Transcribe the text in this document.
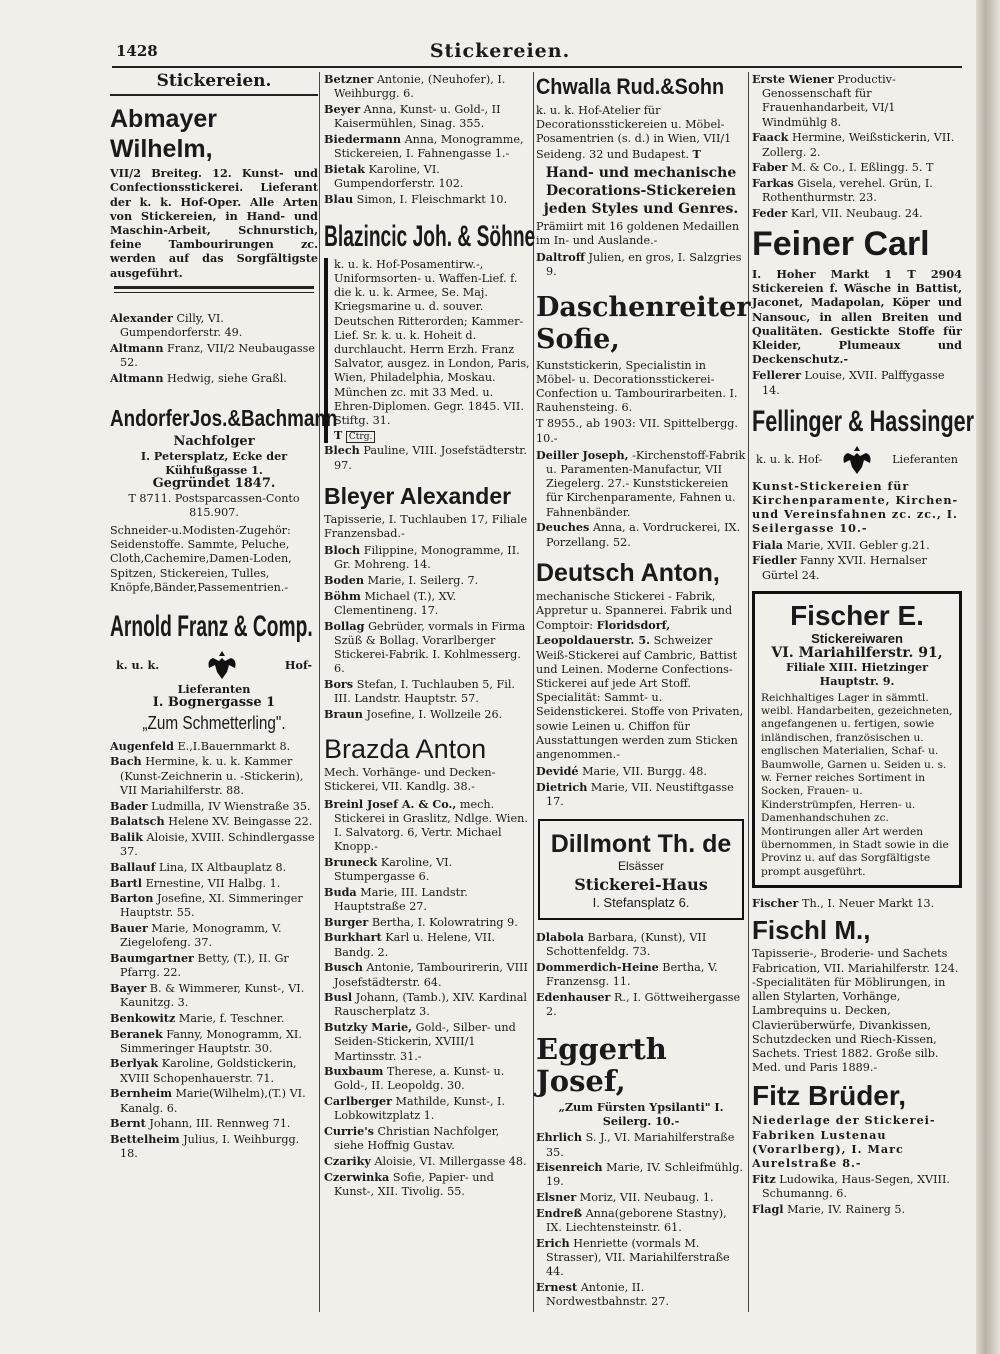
1428	Stickereien.
Stickereien.
Abmayer Wilhelm,
VII/2 Breiteg. 12. Kunst- und Confectionsstickerei. Lieferant der k. k. Hof-Oper. Alle Arten von Stickereien, in Hand- und Maschin-Arbeit, Schnurstich, feine Tambourirungen zc. werden auf das Sorgfältigste ausgeführt.
Alexander Cilly, VI. Gumpendorferstr. 49.
Altmann Franz, VII/2 Neubaugasse 52.
Altmann Hedwig, siehe Graßl.
AndorferJos.&Bachmann
Nachfolger
I. Petersplatz, Ecke der Kühfußgasse 1.
Gegründet 1847.
T 8711. Postsparcassen-Conto 815.907.
Schneider-u.Modisten-Zugehör: Seidenstoffe. Sammte, Peluche, Cloth,Cachemire,Damen-Loden, Spitzen, Stickereien, Tulles, Knöpfe,Bänder,Passementrien.-
Arnold Franz & Comp.
k. u. k.	Hof-
Lieferanten
I. Bognergasse 1
„Zum Schmetterling".
Augenfeld E.,I.Bauernmarkt 8.
Bach Hermine, k. u. k. Kammer (Kunst-Zeichnerin u. -Stickerin), VII Mariahilferstr. 88.
Bader Ludmilla, IV Wienstraße 35.
Balatsch Helene XV. Beingasse 22.
Balik Aloisie, XVIII. Schindlergasse 37.
Ballauf Lina, IX Altbauplatz 8.
Bartl Ernestine, VII Halbg. 1.
Barton Josefine, XI. Simmeringer Hauptstr. 55.
Bauer Marie, Monogramm, V. Ziegelofeng. 37.
Baumgartner Betty, (T.), II. Gr Pfarrg. 22.
Bayer B. & Wimmerer, Kunst-, VI. Kaunitzg. 3.
Benkowitz Marie, f. Teschner.
Beranek Fanny, Monogramm, XI. Simmeringer Hauptstr. 30.
Berlyak Karoline, Goldstickerin, XVIII Schopenhauerstr. 71.
Bernheim Marie(Wilhelm),(T.) VI. Kanalg. 6.
Bernt Johann, III. Rennweg 71.
Bettelheim Julius, I. Weihburgg. 18.
Betzner Antonie, (Neuhofer), I. Weihburgg. 6.
Beyer Anna, Kunst- u. Gold-, II Kaisermühlen, Sinag. 355.
Biedermann Anna, Monogramme, Stickereien, I. Fahnengasse 1.-
Bietak Karoline, VI. Gumpendorferstr. 102.
Blau Simon, I. Fleischmarkt 10.
Blazincic Joh. & Söhne
k. u. k. Hof-Posamentirw.-, Uniformsorten- u. Waffen-Lief. f. die k. u. k. Armee, Se. Maj. Kriegsmarine u. d. souver. Deutschen Ritterorden; Kammer-Lief. Sr. k. u. k. Hoheit d. durchlaucht. Herrn Erzh. Franz Salvator, ausgez. in London, Paris, Wien, Philadelphia, Moskau. München zc. mit 33 Med. u. Ehren-Diplomen. Gegr. 1845. VII. Stiftg. 31.
T Ctrg.
Blech Pauline, VIII. Josefstädterstr. 97.
Bleyer Alexander
Tapisserie, I. Tuchlauben 17, Filiale Franzensbad.-
Bloch Filippine, Monogramme, II. Gr. Mohreng. 14.
Boden Marie, I. Seilerg. 7.
Böhm Michael (T.), XV. Clementineng. 17.
Bollag Gebrüder, vormals in Firma Szüß & Bollag. Vorarlberger Stickerei-Fabrik. I. Kohlmesserg. 6.
Bors Stefan, I. Tuchlauben 5, Fil. III. Landstr. Hauptstr. 57.
Braun Josefine, I. Wollzeile 26.
Brazda Anton
Mech. Vorhänge- und Decken-Stickerei, VII. Kandlg. 38.-
Breinl Josef A. & Co., mech. Stickerei in Graslitz, Ndlge. Wien. I. Salvatorg. 6, Vertr. Michael Knopp.-
Bruneck Karoline, VI. Stumpergasse 6.
Buda Marie, III. Landstr. Hauptstraße 27.
Burger Bertha, I. Kolowratring 9.
Burkhart Karl u. Helene, VII. Bandg. 2.
Busch Antonie, Tambourirerin, VIII Josefstädterstr. 64.
Busl Johann, (Tamb.), XIV. Kardinal Rauscherplatz 3.
Butzky Marie, Gold-, Silber- und Seiden-Stickerin, XVIII/1 Martinsstr. 31.-
Buxbaum Therese, a. Kunst- u. Gold-, II. Leopoldg. 30.
Carlberger Mathilde, Kunst-, I. Lobkowitzplatz 1.
Currie's Christian Nachfolger, siehe Hoffnig Gustav.
Czariky Aloisie, VI. Millergasse 48.
Czerwinka Sofie, Papier- und Kunst-, XII. Tivolig. 55.
Chwalla Rud.&Sohn
k. u. k. Hof-Atelier für Decorationsstickereien u. Möbel-Posamentrien (s. d.) in Wien, VII/1 Seideng. 32 und Budapest. T
Hand- und mechanische Decorations-Stickereien jeden Styles und Genres.
Prämiirt mit 16 goldenen Medaillen im In- und Auslande.-
Daltroff Julien, en gros, I. Salzgries 9.
Daschenreiter Sofie,
Kunststickerin, Specialistin in Möbel- u. Decorationsstickerei-Confection u. Tambourirarbeiten. I. Rauhensteing. 6.
T 8955., ab 1903: VII. Spittelbergg. 10.-
Deiller Joseph, -Kirchenstoff-Fabrik u. Paramenten-Manufactur, VII Ziegelerg. 27.- Kunststickereien für Kirchenparamente, Fahnen u. Fahnenbänder.
Deuches Anna, a. Vordruckerei, IX. Porzellang. 52.
Deutsch Anton,
mechanische Stickerei - Fabrik, Appretur u. Spannerei. Fabrik und Comptoir: Floridsdorf, Leopoldauerstr. 5. Schweizer Weiß-Stickerei auf Cambric, Battist und Leinen. Moderne Confections-Stickerei auf jede Art Stoff. Specialität: Sammt- u. Seidenstickerei. Stoffe von Privaten, sowie Leinen u. Chiffon für Ausstattungen werden zum Sticken angenommen.-
Devidé Marie, VII. Burgg. 48.
Dietrich Marie, VII. Neustiftgasse 17.
Dillmont Th. de
Elsässer
Stickerei-Haus
I. Stefansplatz 6.
Dlabola Barbara, (Kunst), VII Schottenfeldg. 73.
Dommerdich-Heine Bertha, V. Franzensg. 11.
Edenhauser R., I. Göttweihergasse 2.
Eggerth Josef,
„Zum Fürsten Ypsilanti" I. Seilerg. 10.-
Ehrlich S. J., VI. Mariahilferstraße 35.
Eisenreich Marie, IV. Schleifmühlg. 19.
Elsner Moriz, VII. Neubaug. 1.
Endreß Anna(geborene Stastny), IX. Liechtensteinstr. 61.
Erich Henriette (vormals M. Strasser), VII. Mariahilferstraße 44.
Ernest Antonie, II. Nordwestbahnstr. 27.
Erste Wiener Productiv-Genossenschaft für Frauenhandarbeit, VI/1 Windmühlg 8.
Faack Hermine, Weißstickerin, VII. Zollerg. 2.
Faber M. & Co., I. Eßlingg. 5. T
Farkas Gisela, verehel. Grün, I. Rothenthurmstr. 23.
Feder Karl, VII. Neubaug. 24.
Feiner Carl
I. Hoher Markt 1 T 2904 Stickereien f. Wäsche in Battist, Jaconet, Madapolan, Köper und Nansouc, in allen Breiten und Qualitäten. Gestickte Stoffe für Kleider, Plumeaux und Deckenschutz.-
Fellerer Louise, XVII. Palffygasse 14.
Fellinger & Hassinger
k. u. k. Hof-	Lieferanten
Kunst-Stickereien für Kirchenparamente, Kirchen- und Vereinsfahnen zc. zc., I. Seilergasse 10.-
Fiala Marie, XVII. Gebler g.21.
Fiedler Fanny XVII. Hernalser Gürtel 24.
Fischer E.
Stickereiwaren
VI. Mariahilferstr. 91,
Filiale XIII. Hietzinger Hauptstr. 9.
Reichhaltiges Lager in sämmtl. weibl. Handarbeiten, gezeichneten, angefangenen u. fertigen, sowie inländischen, französischen u. englischen Materialien, Schaf- u. Baumwolle, Garnen u. Seiden u. s. w. Ferner reiches Sortiment in Socken, Frauen- u. Kinderstrümpfen, Herren- u. Damenhandschuhen zc. Montirungen aller Art werden übernommen, in Stadt sowie in die Provinz u. auf das Sorgfältigste prompt ausgeführt.
Fischer Th., I. Neuer Markt 13.
Fischl M.,
Tapisserie-, Broderie- und Sachets Fabrication, VII. Mariahilferstr. 124. -Specialitäten für Möblirungen, in allen Stylarten, Vorhänge, Lambrequins u. Decken, Clavierüberwürfe, Divankissen, Schutzdecken und Riech-Kissen, Sachets. Triest 1882. Große silb. Med. und Paris 1889.-
Fitz Brüder,
Niederlage der Stickerei-Fabriken Lustenau (Vorarlberg), I. Marc Aurelstraße 8.-
Fitz Ludowika, Haus-Segen, XVIII. Schumanng. 6.
Flagl Marie, IV. Rainerg 5.
